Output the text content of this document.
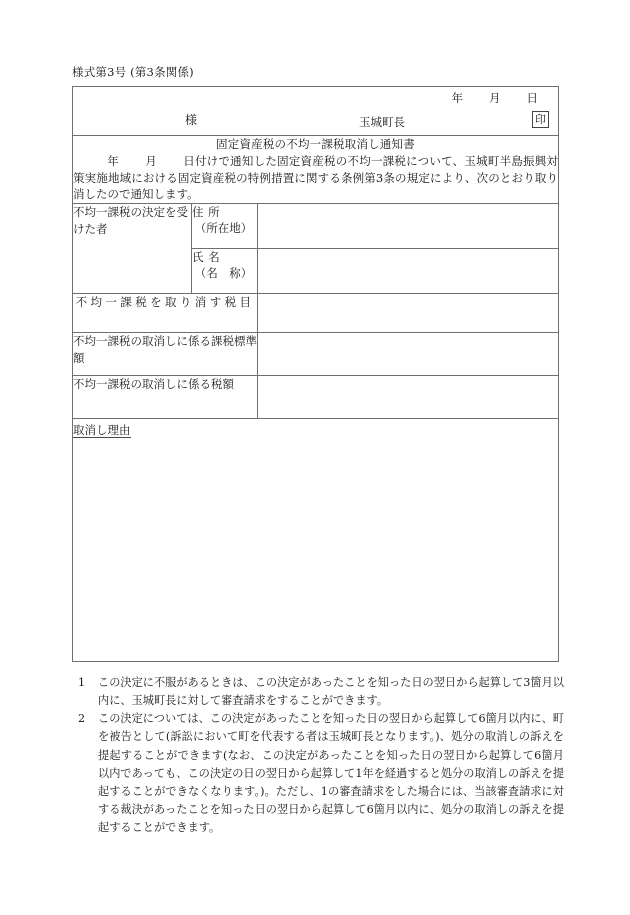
様式第3号 (第3条関係)
年 月 日
様 玉城町長 印		

固定資産税の不均一課税取消し通知書
年 月 日付けで通知した固定資産税の不均一課税について、玉城町半島振興対策実施地域における固定資産税の特例措置に関する条例第3条の規定により、次のとおり取り消したので通知します。		

不均一課税の決定を受けた者	住所
（所在地）	

	氏名
（名　称）	

不均一課税を取り消す税目		
不均一課税の取消しに係る課税標準額		
不均一課税の取消しに係る税額		
取消し理由		
1	この決定に不服があるときは、この決定があったことを知った日の翌日から起算して3箇月以内に、玉城町長に対して審査請求をすることができます。
2	この決定については、この決定があったことを知った日の翌日から起算して6箇月以内に、町を被告として(訴訟において町を代表する者は玉城町長となります。)、処分の取消しの訴えを提起することができます(なお、この決定があったことを知った日の翌日から起算して6箇月以内であっても、この決定の日の翌日から起算して1年を経過すると処分の取消しの訴えを提起することができなくなります。)。ただし、1の審査請求をした場合には、当該審査請求に対する裁決があったことを知った日の翌日から起算して6箇月以内に、処分の取消しの訴えを提起することができます。
